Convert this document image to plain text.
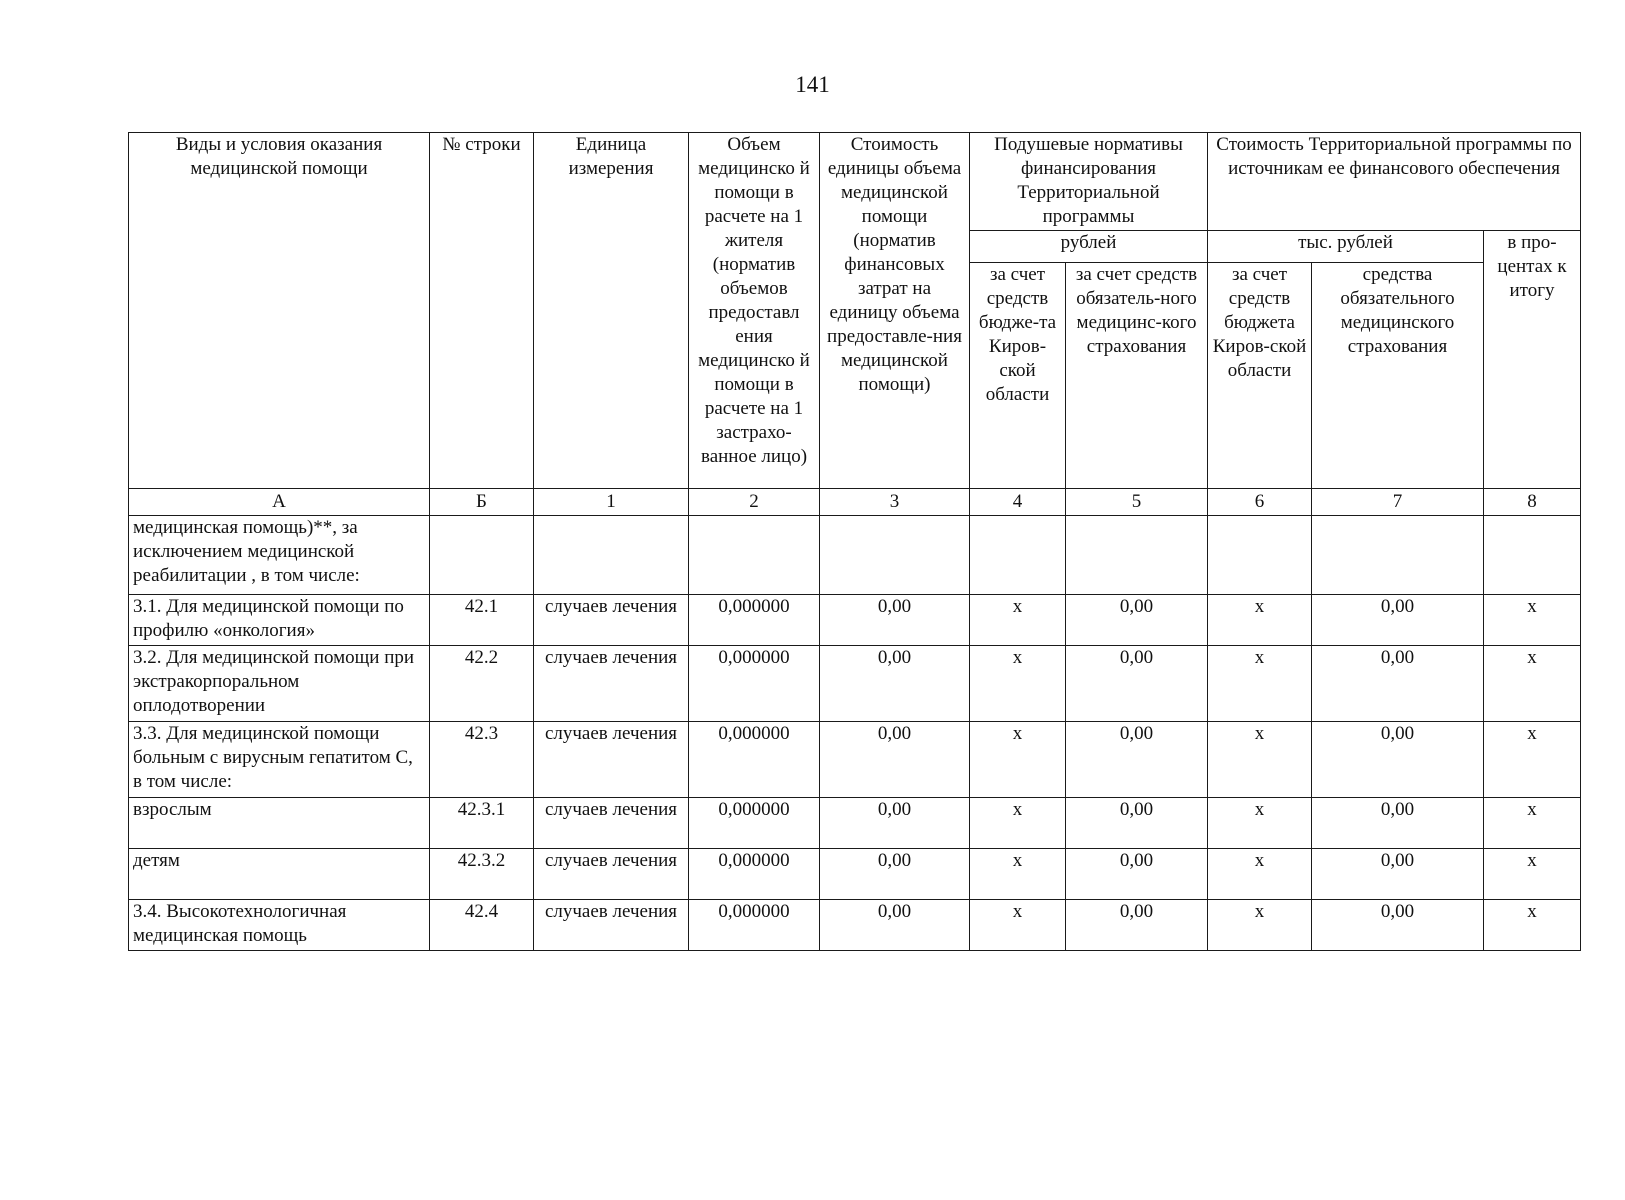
141
Виды и условия оказания медицинской помощи	№ строки	Единица измерения	Объем медицинско й помощи в расчете на 1 жителя (норматив объемов предоставл ения медицинско й помощи в расчете на 1 застрахо-ванное лицо)	Стоимость единицы объема медицинской помощи (норматив финансовых затрат на единицу объема предоставле-ния медицинской помощи)	Подушевые нормативы финансирования Территориальной программы		Стоимость Территориальной программы по источникам ее финансового обеспечения		
					рублей		тыс. рублей		в про-центах к итогу
					за счет средств бюдже-та Киров-ской области	за счет средств обязатель-ного медицинс-кого страхования	за счет средств бюджета Киров-ской области	средства обязательного медицинского страхования	
А	Б	1	2	3	4	5	6	7	8
медицинская помощь)**, за исключением медицинской реабилитации , в том числе:									
3.1. Для медицинской помощи по профилю «онкология»	42.1	случаев лечения	0,000000	0,00	x	0,00	x	0,00	x
3.2. Для медицинской помощи при экстракорпоральном оплодотворении	42.2	случаев лечения	0,000000	0,00	x	0,00	x	0,00	x
3.3. Для медицинской помощи больным с вирусным гепатитом С, в том числе:	42.3	случаев лечения	0,000000	0,00	x	0,00	x	0,00	x
взрослым	42.3.1	случаев лечения	0,000000	0,00	x	0,00	x	0,00	x
детям	42.3.2	случаев лечения	0,000000	0,00	x	0,00	x	0,00	x
3.4. Высокотехнологичная медицинская помощь	42.4	случаев лечения	0,000000	0,00	x	0,00	x	0,00	x
